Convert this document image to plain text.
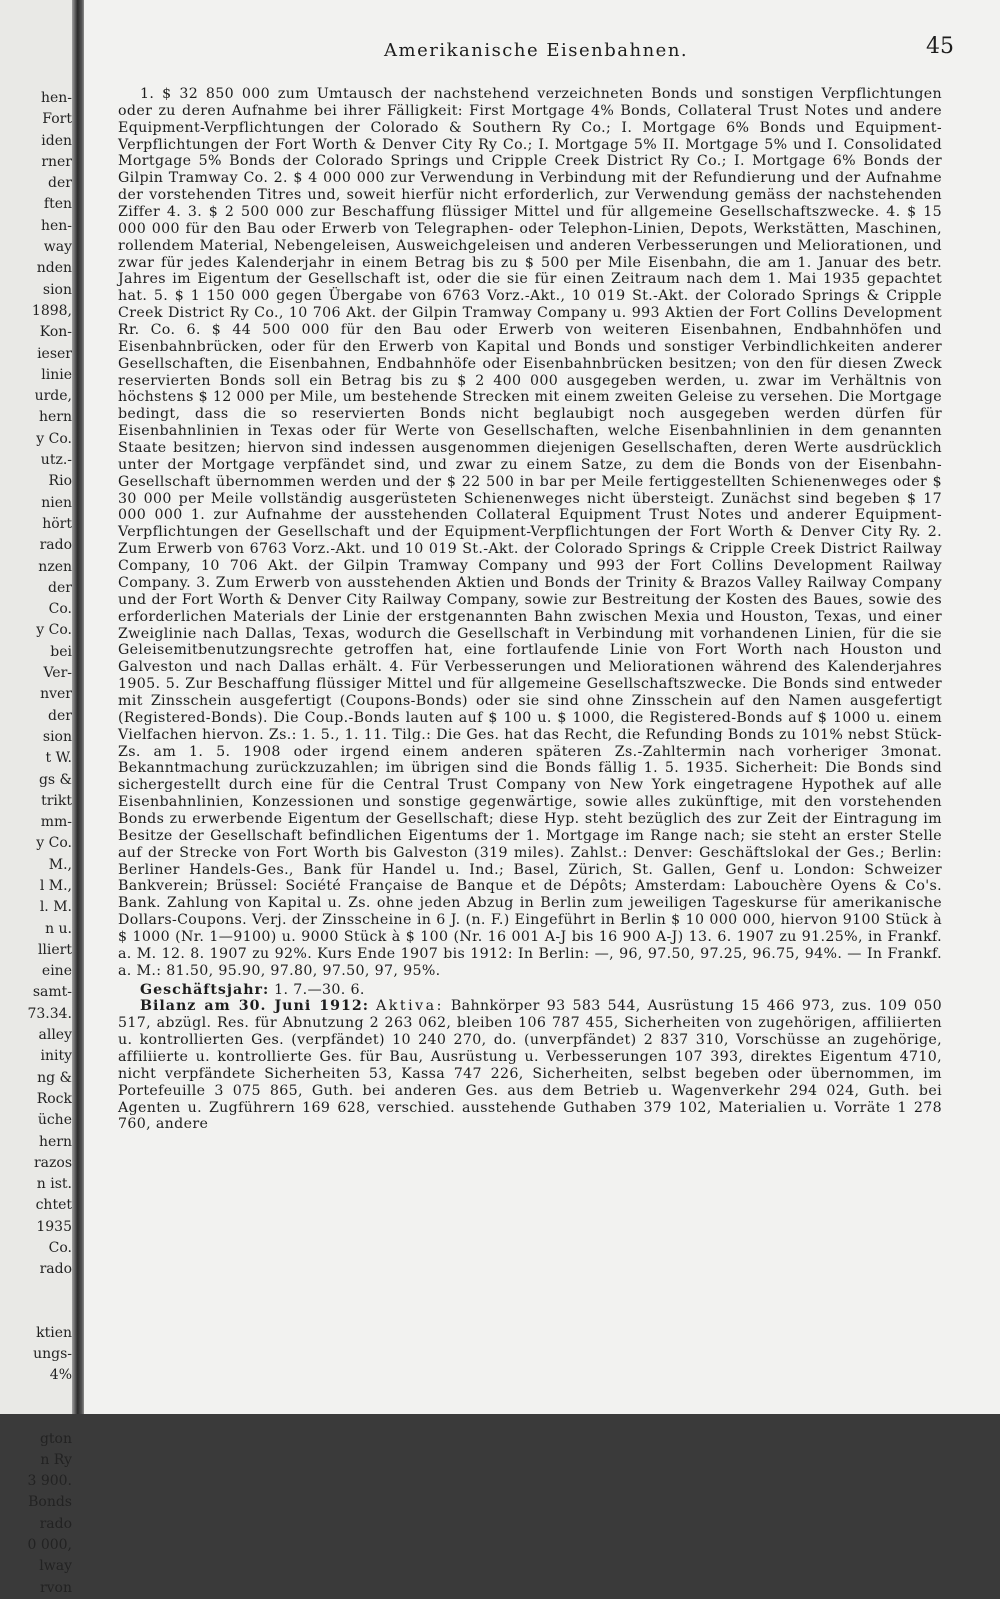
hen-
Fort
iden
rner
der
ften
hen-
way
nden
sion
1898,
Kon-
ieser
linie
urde,
hern
y Co.
utz.-
Rio
nien
hört
rado
nzen
der
Co.
y Co.
bei
Ver-
nver
der
sion
t W.
gs &
trikt
mm-
y Co.
M.,
l M.,
l. M.
n u.
lliert
eine
samt-
73.34.
alley
inity
ng &
Rock
üche
hern
razos
n ist.
chtet
1935
Co.
rado
ktien
ungs-
4%
gton
n Ry
3 900.
Bonds
rado
0 000,
lway
rvon
Amerikanische Eisenbahnen.	45

1. $ 32 850 000 zum Umtausch der nachstehend verzeichneten Bonds und sonstigen Verpflichtungen oder zu deren Aufnahme bei ihrer Fälligkeit: First Mortgage 4% Bonds, Collateral Trust Notes und andere Equipment-Verpflichtungen der Colorado & Southern Ry Co.; I. Mortgage 6% Bonds und Equipment-Verpflichtungen der Fort Worth & Denver City Ry Co.; I. Mortgage 5% II. Mortgage 5% und I. Consolidated Mortgage 5% Bonds der Colorado Springs und Cripple Creek District Ry Co.; I. Mortgage 6% Bonds der Gilpin Tramway Co. 2. $ 4 000 000 zur Verwendung in Verbindung mit der Refundierung und der Aufnahme der vorstehenden Titres und, soweit hierfür nicht erforderlich, zur Verwendung gemäss der nachstehenden Ziffer 4. 3. $ 2 500 000 zur Beschaffung flüssiger Mittel und für allgemeine Gesellschaftszwecke. 4. $ 15 000 000 für den Bau oder Erwerb von Telegraphen- oder Telephon-Linien, Depots, Werkstätten, Maschinen, rollendem Material, Nebengeleisen, Ausweichgeleisen und anderen Verbesserungen und Meliorationen, und zwar für jedes Kalenderjahr in einem Betrag bis zu $ 500 per Mile Eisenbahn, die am 1. Januar des betr. Jahres im Eigentum der Gesellschaft ist, oder die sie für einen Zeitraum nach dem 1. Mai 1935 gepachtet hat. 5. $ 1 150 000 gegen Übergabe von 6763 Vorz.-Akt., 10 019 St.-Akt. der Colorado Springs & Cripple Creek District Ry Co., 10 706 Akt. der Gilpin Tramway Company u. 993 Aktien der Fort Collins Development Rr. Co. 6. $ 44 500 000 für den Bau oder Erwerb von weiteren Eisenbahnen, Endbahnhöfen und Eisenbahnbrücken, oder für den Erwerb von Kapital und Bonds und sonstiger Verbindlichkeiten anderer Gesellschaften, die Eisenbahnen, Endbahnhöfe oder Eisenbahnbrücken besitzen; von den für diesen Zweck reservierten Bonds soll ein Betrag bis zu $ 2 400 000 ausgegeben werden, u. zwar im Verhältnis von höchstens $ 12 000 per Mile, um bestehende Strecken mit einem zweiten Geleise zu versehen. Die Mortgage bedingt, dass die so reservierten Bonds nicht beglaubigt noch ausgegeben werden dürfen für Eisenbahnlinien in Texas oder für Werte von Gesellschaften, welche Eisenbahnlinien in dem genannten Staate besitzen; hiervon sind indessen ausgenommen diejenigen Gesellschaften, deren Werte ausdrücklich unter der Mortgage verpfändet sind, und zwar zu einem Satze, zu dem die Bonds von der Eisenbahn-Gesellschaft übernommen werden und der $ 22 500 in bar per Meile fertiggestellten Schienenweges oder $ 30 000 per Meile vollständig ausgerüsteten Schienenweges nicht übersteigt. Zunächst sind begeben $ 17 000 000 1. zur Aufnahme der ausstehenden Collateral Equipment Trust Notes und anderer Equipment-Verpflichtungen der Gesellschaft und der Equipment-Verpflichtungen der Fort Worth & Denver City Ry. 2. Zum Erwerb von 6763 Vorz.-Akt. und 10 019 St.-Akt. der Colorado Springs & Cripple Creek District Railway Company, 10 706 Akt. der Gilpin Tramway Company und 993 der Fort Collins Development Railway Company. 3. Zum Erwerb von ausstehenden Aktien und Bonds der Trinity & Brazos Valley Railway Company und der Fort Worth & Denver City Railway Company, sowie zur Bestreitung der Kosten des Baues, sowie des erforderlichen Materials der Linie der erstgenannten Bahn zwischen Mexia und Houston, Texas, und einer Zweiglinie nach Dallas, Texas, wodurch die Gesellschaft in Verbindung mit vorhandenen Linien, für die sie Geleisemitbenutzungsrechte getroffen hat, eine fortlaufende Linie von Fort Worth nach Houston und Galveston und nach Dallas erhält. 4. Für Verbesserungen und Meliorationen während des Kalenderjahres 1905. 5. Zur Beschaffung flüssiger Mittel und für allgemeine Gesellschaftszwecke. Die Bonds sind entweder mit Zinsschein ausgefertigt (Coupons-Bonds) oder sie sind ohne Zinsschein auf den Namen ausgefertigt (Registered-Bonds). Die Coup.-Bonds lauten auf $ 100 u. $ 1000, die Registered-Bonds auf $ 1000 u. einem Vielfachen hiervon. Zs.: 1. 5., 1. 11. Tilg.: Die Ges. hat das Recht, die Refunding Bonds zu 101% nebst Stück-Zs. am 1. 5. 1908 oder irgend einem anderen späteren Zs.-Zahltermin nach vorheriger 3monat. Bekanntmachung zurückzuzahlen; im übrigen sind die Bonds fällig 1. 5. 1935. Sicherheit: Die Bonds sind sichergestellt durch eine für die Central Trust Company von New York eingetragene Hypothek auf alle Eisenbahnlinien, Konzessionen und sonstige gegenwärtige, sowie alles zukünftige, mit den vorstehenden Bonds zu erwerbende Eigentum der Gesellschaft; diese Hyp. steht bezüglich des zur Zeit der Eintragung im Besitze der Gesellschaft befindlichen Eigentums der 1. Mortgage im Range nach; sie steht an erster Stelle auf der Strecke von Fort Worth bis Galveston (319 miles). Zahlst.: Denver: Geschäftslokal der Ges.; Berlin: Berliner Handels-Ges., Bank für Handel u. Ind.; Basel, Zürich, St. Gallen, Genf u. London: Schweizer Bankverein; Brüssel: Société Française de Banque et de Dépôts; Amsterdam: Labouchère Oyens & Co's. Bank. Zahlung von Kapital u. Zs. ohne jeden Abzug in Berlin zum jeweiligen Tageskurse für amerikanische Dollars-Coupons. Verj. der Zinsscheine in 6 J. (n. F.) Eingeführt in Berlin $ 10 000 000, hiervon 9100 Stück à $ 1000 (Nr. 1—9100) u. 9000 Stück à $ 100 (Nr. 16 001 A-J bis 16 900 A-J) 13. 6. 1907 zu 91.25%, in Frankf. a. M. 12. 8. 1907 zu 92%. Kurs Ende 1907 bis 1912: In Berlin: —, 96, 97.50, 97.25, 96.75, 94%. — In Frankf. a. M.: 81.50, 95.90, 97.80, 97.50, 97, 95%.

Geschäftsjahr: 1. 7.—30. 6.

Bilanz am 30. Juni 1912: Aktiva: Bahnkörper 93 583 544, Ausrüstung 15 466 973, zus. 109 050 517, abzügl. Res. für Abnutzung 2 263 062, bleiben 106 787 455, Sicherheiten von zugehörigen, affiliierten u. kontrollierten Ges. (verpfändet) 10 240 270, do. (unverpfändet) 2 837 310, Vorschüsse an zugehörige, affiliierte u. kontrollierte Ges. für Bau, Ausrüstung u. Verbesserungen 107 393, direktes Eigentum 4710, nicht verpfändete Sicherheiten 53, Kassa 747 226, Sicherheiten, selbst begeben oder übernommen, im Portefeuille 3 075 865, Guth. bei anderen Ges. aus dem Betrieb u. Wagenverkehr 294 024, Guth. bei Agenten u. Zugführern 169 628, verschied. ausstehende Guthaben 379 102, Materialien u. Vorräte 1 278 760, andere
